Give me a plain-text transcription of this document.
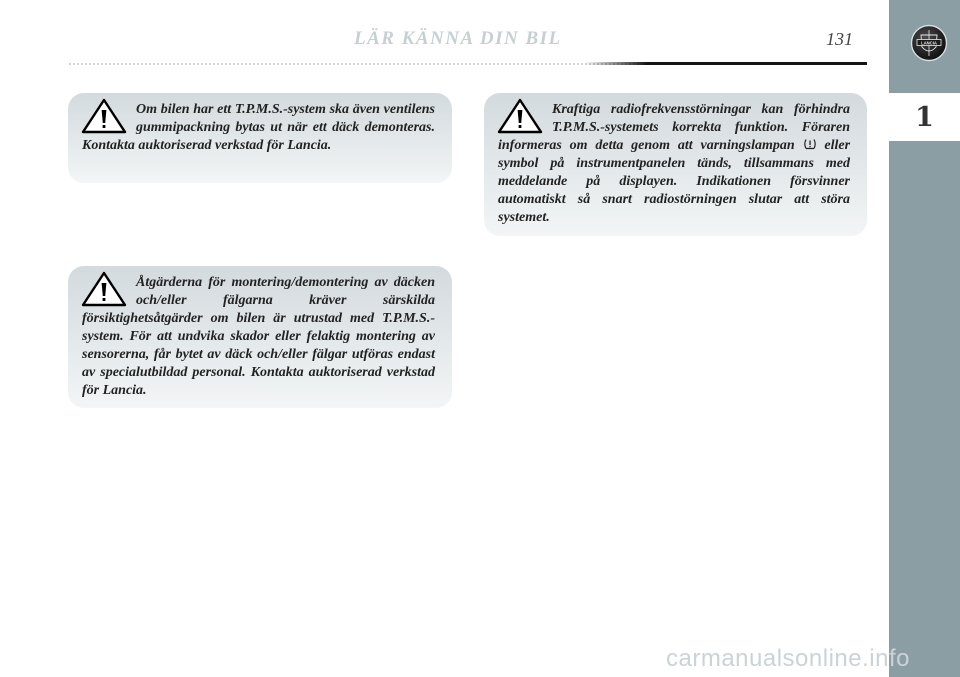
LÄR KÄNNA DIN BIL	131	LANCIA
1

Om bilen har ett T.P.M.S.-system ska även ventilens gummipackning bytas ut när ett däck demonteras. Kontakta auktoriserad verkstad för Lancia.

Åtgärderna för montering/demontering av däcken och/eller fälgarna kräver särskilda försiktighetsåtgärder om bilen är utrustad med T.P.M.S.-system. För att undvika skador eller felaktig montering av sensorerna, får bytet av däck och/eller fälgar utföras endast av specialutbildad personal. Kontakta auktoriserad verkstad för Lancia.

Kraftiga radiofrekvensstörningar kan förhindra T.P.M.S.-systemets korrekta funktion. Föraren informeras om detta genom att varningslampan eller symbol på instrumentpanelen tänds, tillsammans med meddelande på displayen. Indikationen försvinner automatiskt så snart radiostörningen slutar att störa systemet.

carmanualsonline.info
